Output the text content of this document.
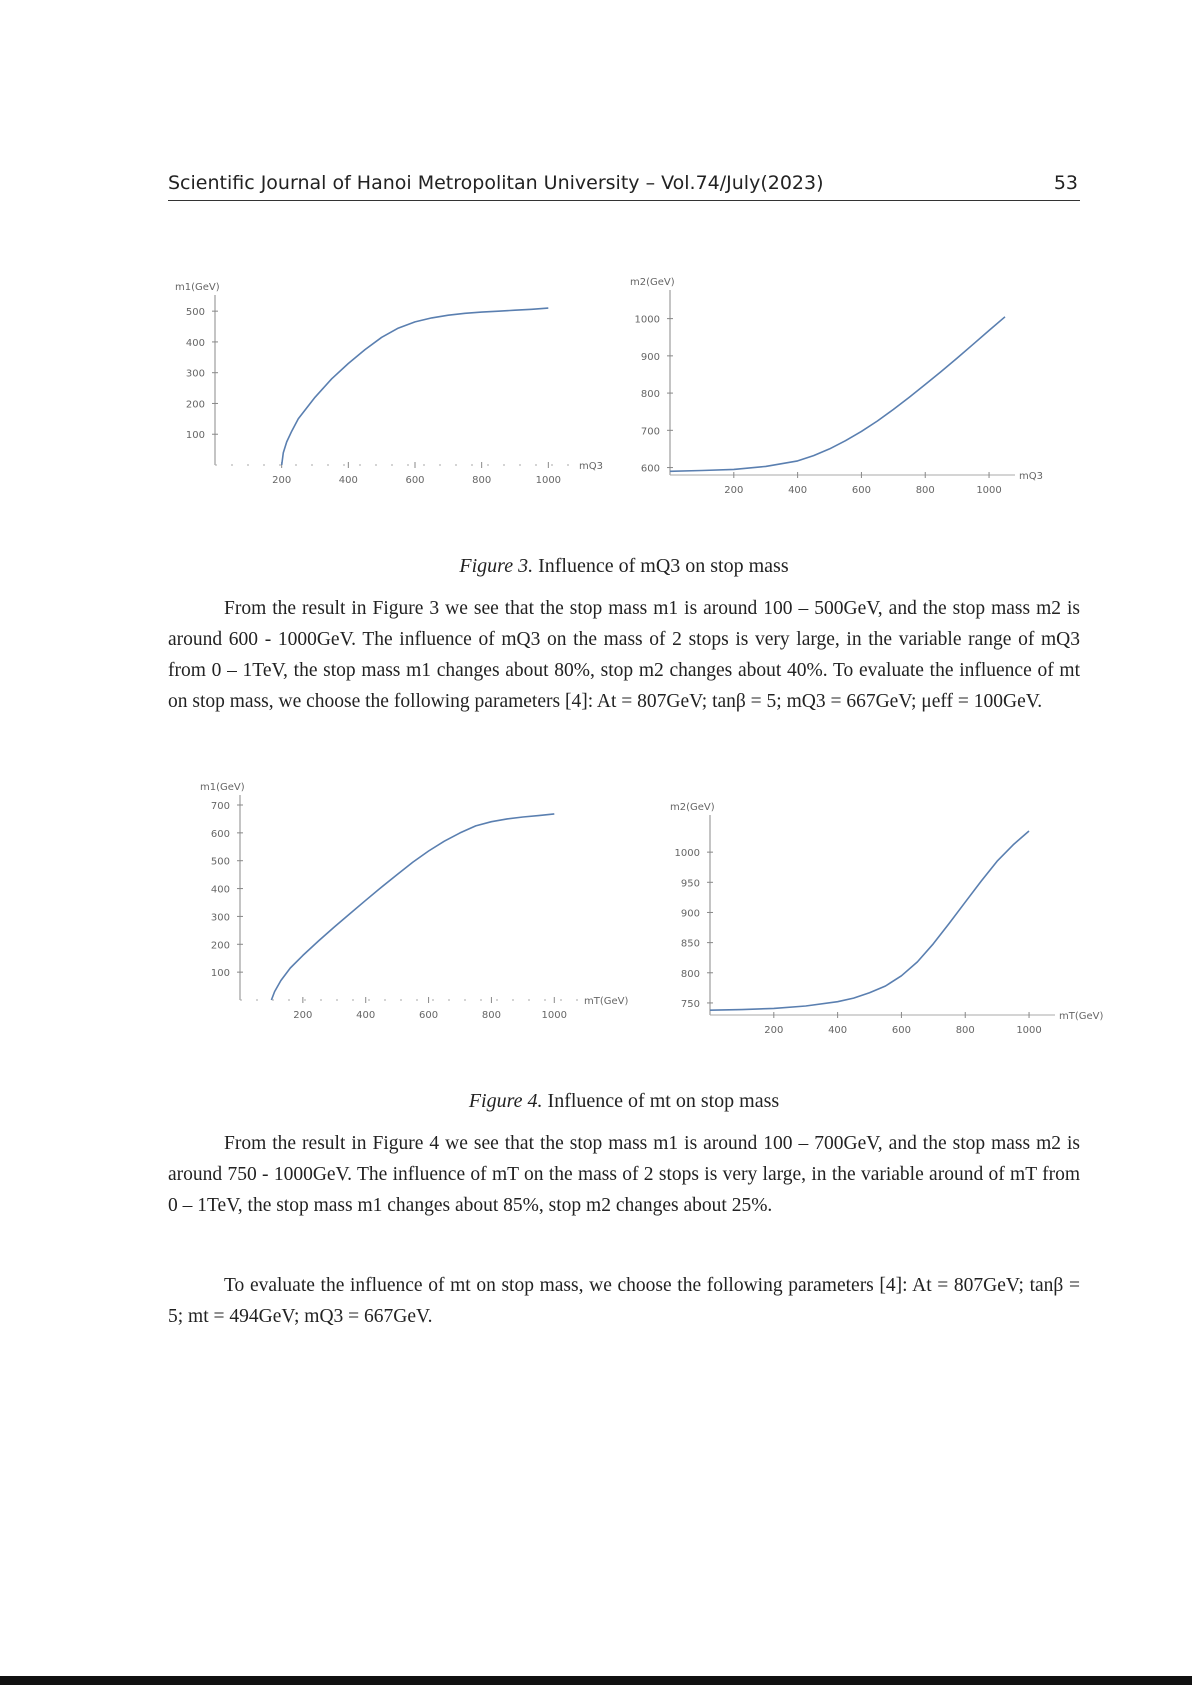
Scientific Journal of Hanoi Metropolitan University – Vol.74/July(2023)	53
100
200
300
400
500
200	400	600	800	1000
m1(GeV)
mQ3	600
700
800
900
1000
200	400	600	800	1000
m2(GeV)
mQ3
Figure 3. Influence of mQ3 on stop mass
From the result in Figure 3 we see that the stop mass m1 is around 100 – 500GeV, and the stop mass m2 is around 600 - 1000GeV. The influence of mQ3 on the mass of 2 stops is very large, in the variable range of mQ3 from 0 – 1TeV, the stop mass m1 changes about 80%, stop m2 changes about 40%. To evaluate the influence of mt on stop mass, we choose the following parameters [4]: At = 807GeV; tanβ = 5; mQ3 = 667GeV; μeff = 100GeV.
100
200
300
400
500
600
700
200	400	600	800	1000
m1(GeV)
mT(GeV)	750
800
850
900
950
1000
200	400	600	800	1000
m2(GeV)
mT(GeV)
Figure 4. Influence of mt on stop mass
From the result in Figure 4 we see that the stop mass m1 is around 100 – 700GeV, and the stop mass m2 is around 750 - 1000GeV. The influence of mT on the mass of 2 stops is very large, in the variable around of mT from 0 – 1TeV, the stop mass m1 changes about 85%, stop m2 changes about 25%.
To evaluate the influence of mt on stop mass, we choose the following parameters [4]: At = 807GeV; tanβ = 5; mt = 494GeV; mQ3 = 667GeV.
